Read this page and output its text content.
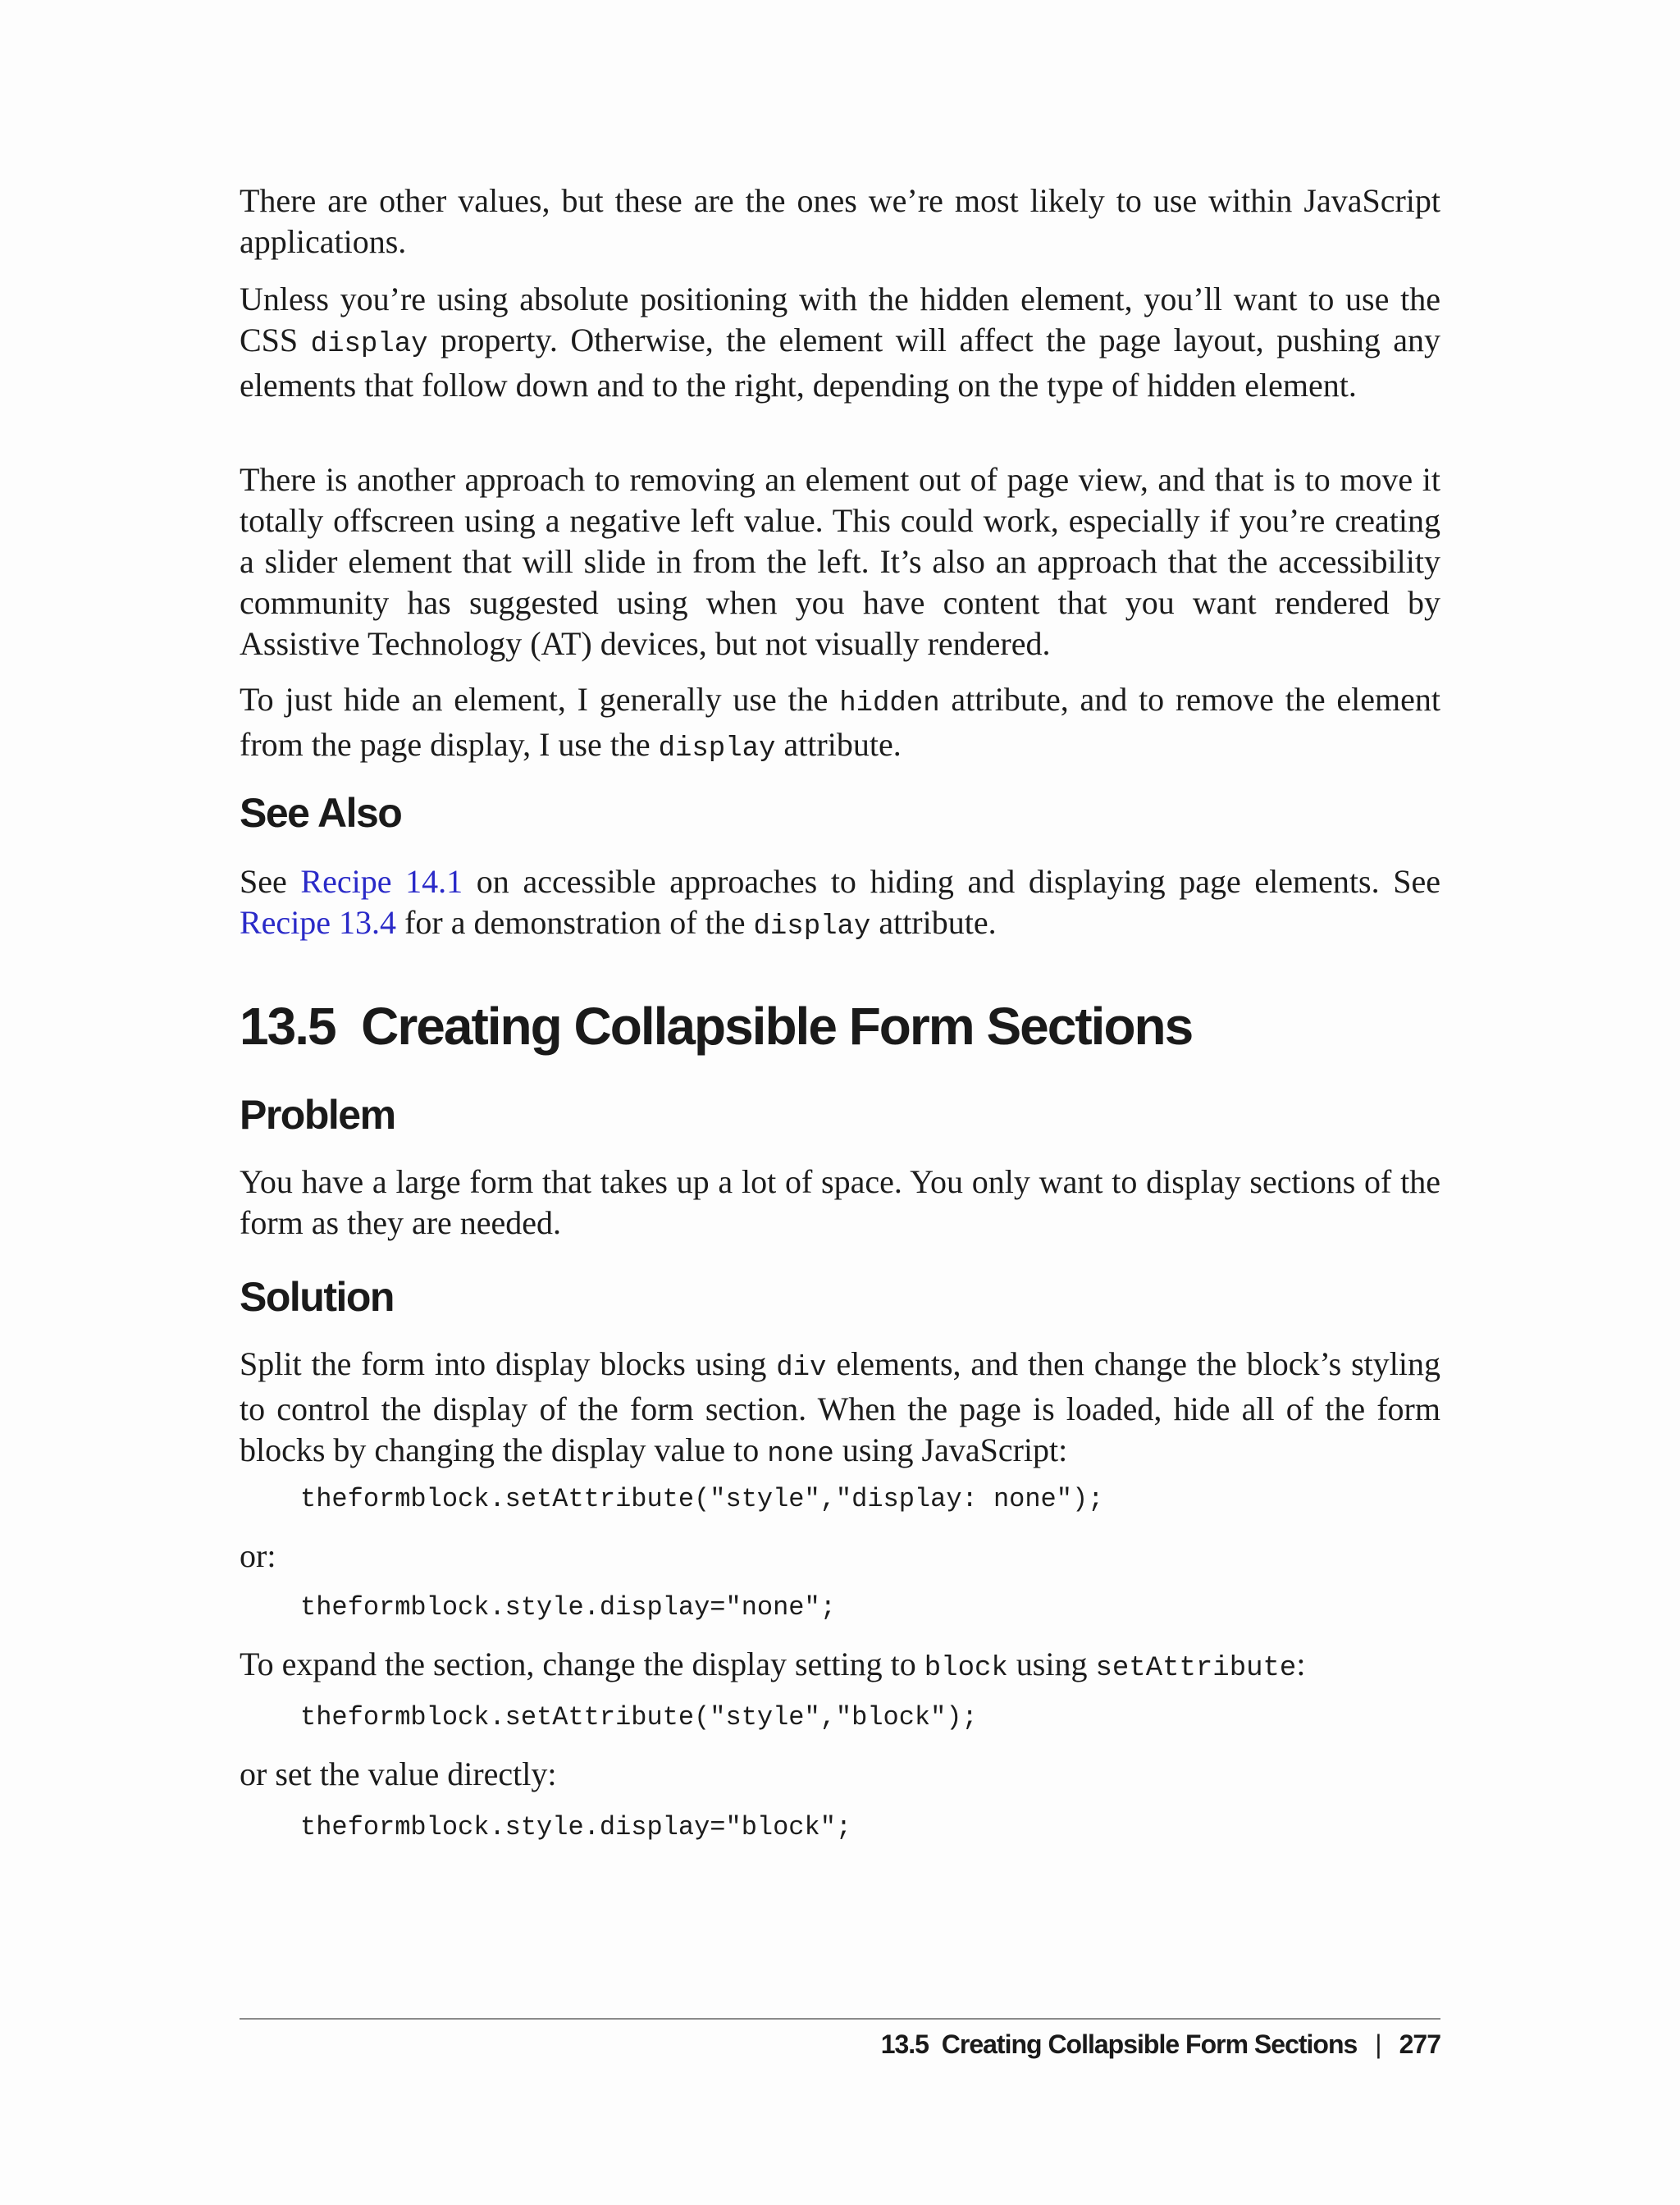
There are other values, but these are the ones we’re most likely to use within JavaScript applications.

Unless you’re using absolute positioning with the hidden element, you’ll want to use the CSS display property. Otherwise, the element will affect the page layout, pushing any elements that follow down and to the right, depending on the type of hidden element.

There is another approach to removing an element out of page view, and that is to move it totally offscreen using a negative left value. This could work, especially if you’re creating a slider element that will slide in from the left. It’s also an approach that the accessibility community has suggested using when you have content that you want rendered by Assistive Technology (AT) devices, but not visually rendered.

To just hide an element, I generally use the hidden attribute, and to remove the element from the page display, I use the display attribute.

See Also

See Recipe 14.1 on accessible approaches to hiding and displaying page elements. See Recipe 13.4 for a demonstration of the display attribute.

13.5  Creating Collapsible Form Sections
Problem

You have a large form that takes up a lot of space. You only want to display sections of the form as they are needed.

Solution

Split the form into display blocks using div elements, and then change the block’s styling to control the display of the form section. When the page is loaded, hide all of the form blocks by changing the display value to none using JavaScript:

theformblock.setAttribute("style","display: none");

or:

theformblock.style.display="none";

To expand the section, change the display setting to block using setAttribute:

theformblock.setAttribute("style","block");

or set the value directly:

theformblock.style.display="block";
13.5  Creating Collapsible Form Sections | 277
